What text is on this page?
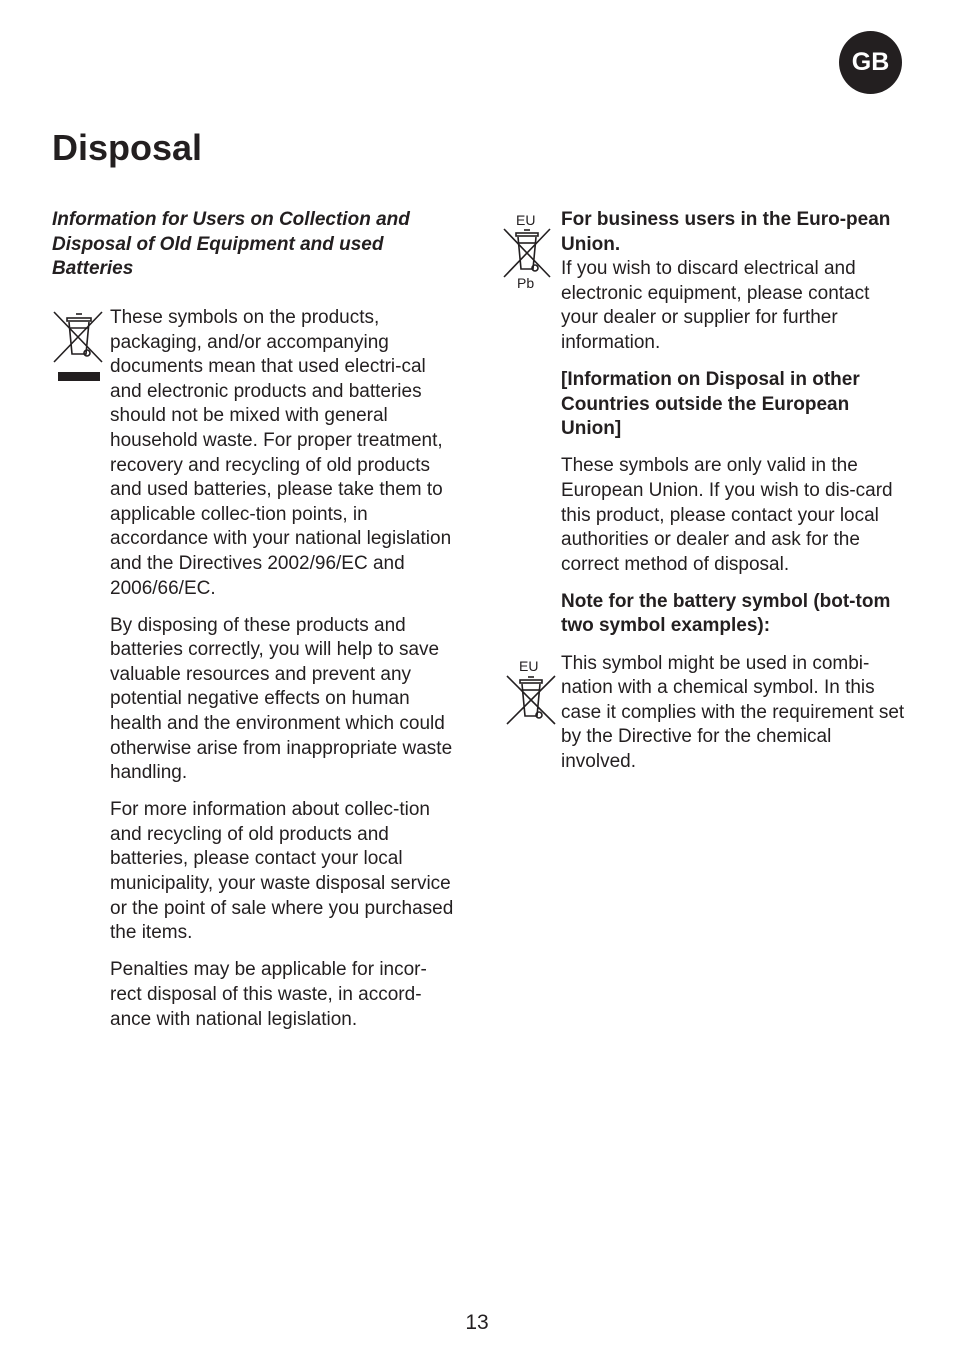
GB
Disposal

Information for Users on Collection and Disposal of Old Equipment and used Batteries

These symbols on the products, packaging, and/or accompanying documents mean that used electri-cal and electronic products and batteries should not be mixed with general household waste. For proper treatment, recovery and recycling of old products and used batteries, please take them to applicable collec-tion points, in accordance with your national legislation and the Directives 2002/96/EC and 2006/66/EC.

By disposing of these products and batteries correctly, you will help to save valuable resources and prevent any potential negative effects on human health and the environment which could otherwise arise from inappropriate waste handling.

For more information about collec-tion and recycling of old products and batteries, please contact your local municipality, your waste disposal service or the point of sale where you purchased the items.

Penalties may be applicable for incor-rect disposal of this waste, in accord-ance with national legislation.

EU
Pb
EU

For business users in the Euro-pean Union.

If you wish to discard electrical and electronic equipment, please contact your dealer or supplier for further information.

[Information on Disposal in other Countries outside the European Union]

These symbols are only valid in the European Union. If you wish to dis-card this product, please contact your local authorities or dealer and ask for the correct method of disposal.

Note for the battery symbol (bot-tom two symbol examples):

This symbol might be used in combi-nation with a chemical symbol. In this case it complies with the requirement set by the Directive for the chemical involved.

13
